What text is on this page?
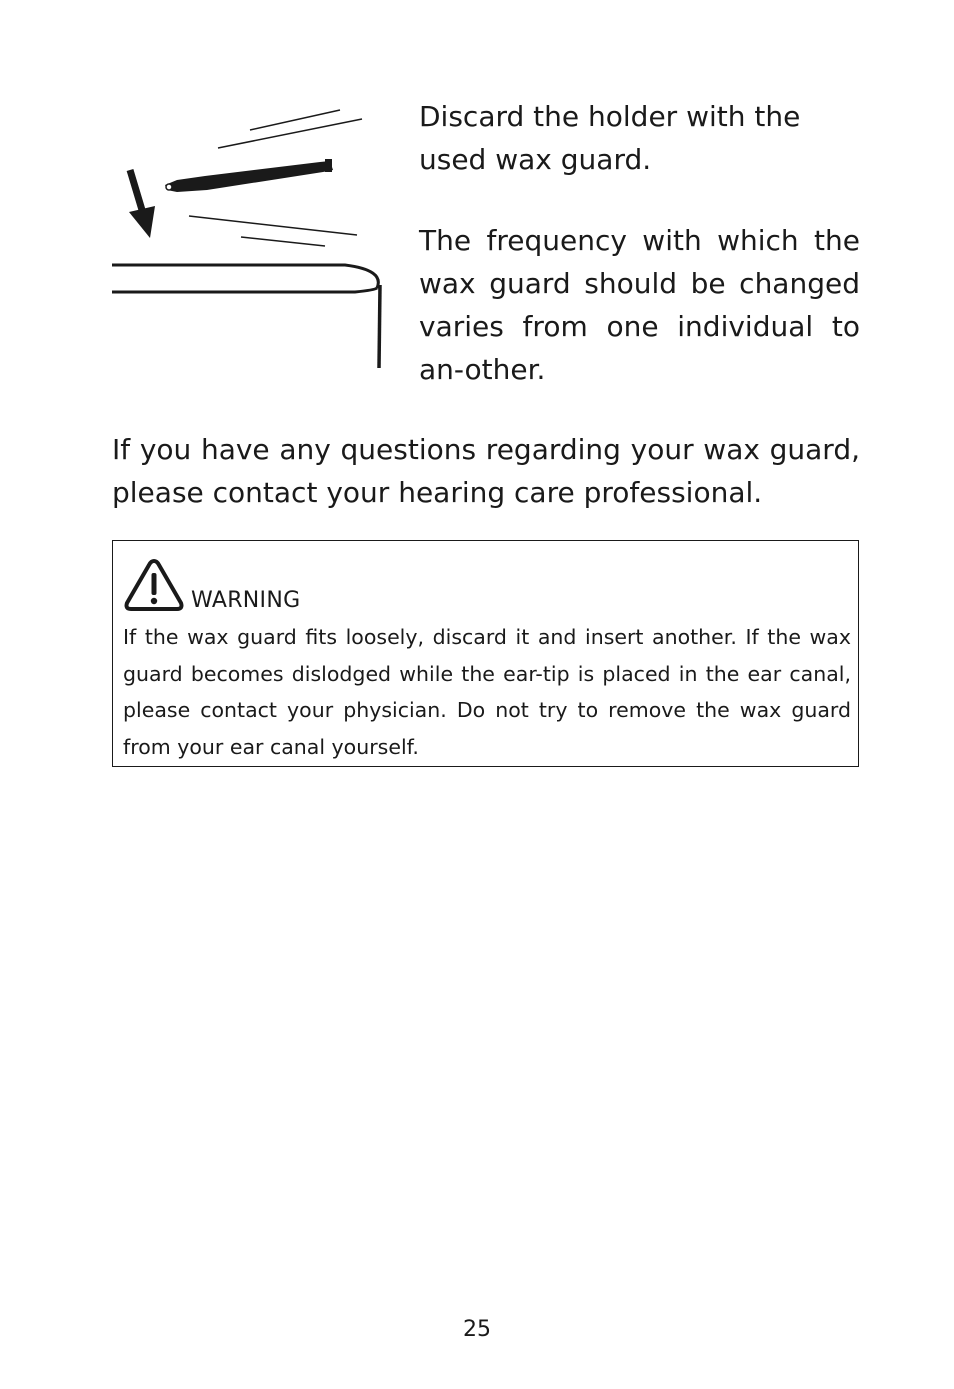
Discard the holder with the used wax guard.

The frequency with which the wax guard should be changed varies from one individual to an-other.

If you have any questions regarding your wax guard, please contact your hearing care professional.

WARNING

If the wax guard fits loosely, discard it and insert another. If the wax guard becomes dislodged while the ear-tip is placed in the ear canal, please contact your physician. Do not try to remove the wax guard from your ear canal yourself.

25
